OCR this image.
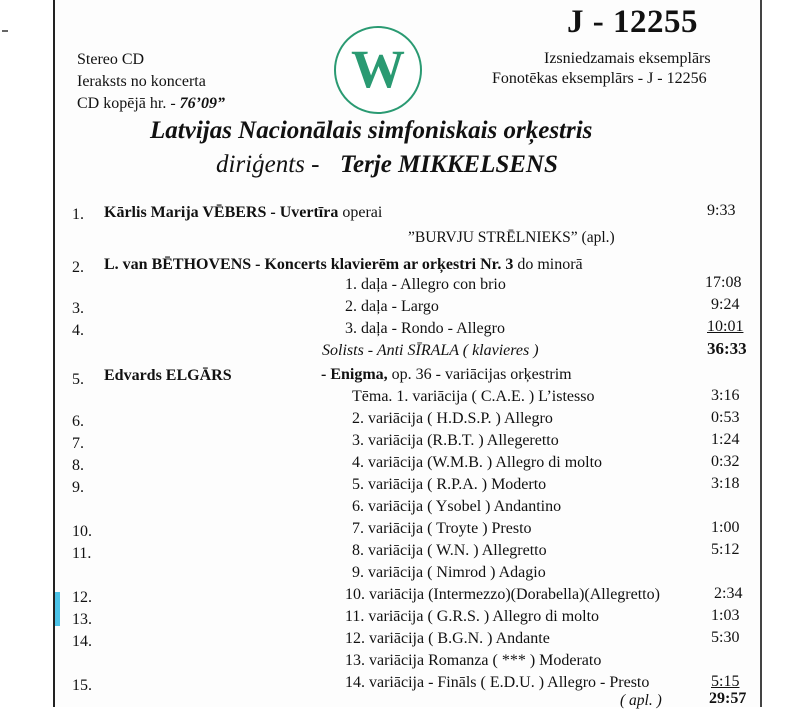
J - 12255
Stereo CD
Ieraksts no koncerta
CD kopējā hr. - 76’09”
W	Izsniedzamais eksemplārs
Fonotēkas eksemplārs - J - 12256
Latvijas Nacionālais simfoniskais orķestris
diriģents - Terje MIKKELSENS
1. Kārlis Marija VĒBERS - Uvertīra operai	9:33
”BURVJU STRĒLNIEKS” (apl.)
2. L. van BĒTHOVENS - Koncerts klavierēm ar orķestri Nr. 3 do minorā
1. daļa - Allegro con brio	17:08
3.	2. daļa - Largo	9:24
4.	3. daļa - Rondo - Allegro	10:01
Solists - Anti SĪRALA ( klavieres )	36:33
5. Edvards ELGĀRS	- Enigma, op. 36 - variācijas orķestrim
Tēma. 1. variācija ( C.A.E. ) L’istesso	3:16
6.	2. variācija ( H.D.S.P. ) Allegro	0:53
7.	3. variācija (R.B.T. ) Allegeretto	1:24
8.	4. variācija (W.M.B. ) Allegro di molto	0:32
9.	5. variācija ( R.P.A. ) Moderto	3:18
6. variācija ( Ysobel ) Andantino
10.	7. variācija ( Troyte ) Presto	1:00
11.	8. variācija ( W.N. ) Allegretto	5:12
9. variācija ( Nimrod ) Adagio
12.	10. variācija (Intermezzo)(Dorabella)(Allegretto)	2:34
13.	11. variācija ( G.R.S. ) Allegro di molto	1:03
14.	12. variācija ( B.G.N. ) Andante	5:30
13. variācija Romanza ( *** ) Moderato
15.	14. variācija - Fināls ( E.D.U. ) Allegro - Presto	5:15
( apl. )	29:57
